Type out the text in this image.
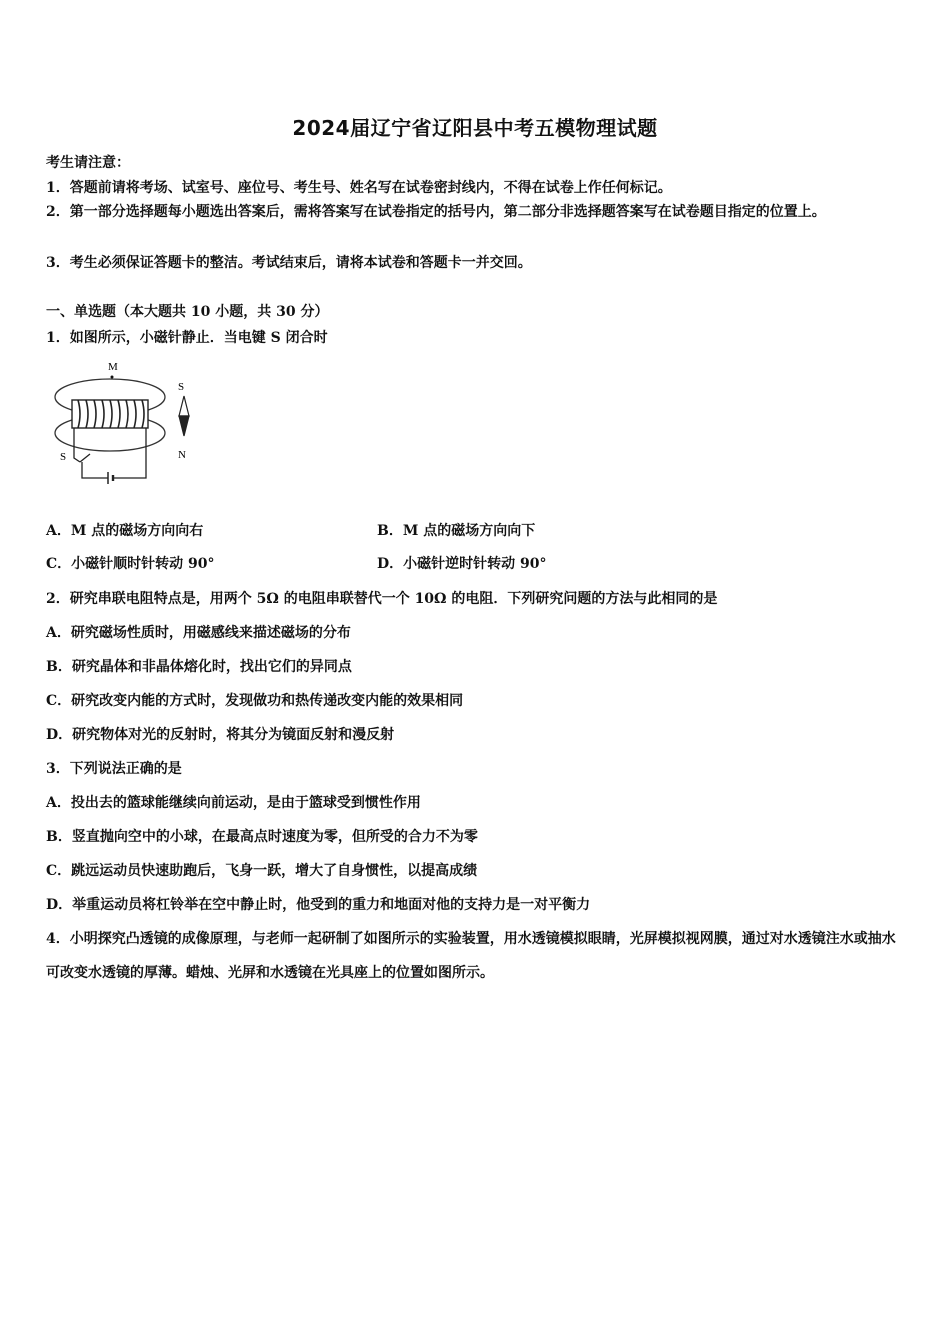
2024届辽宁省辽阳县中考五模物理试题
考生请注意：
1．答题前请将考场、试室号、座位号、考生号、姓名写在试卷密封线内，不得在试卷上作任何标记。
2．第一部分选择题每小题选出答案后，需将答案写在试卷指定的括号内，第二部分非选择题答案写在试卷题目指定的位置上。
3．考生必须保证答题卡的整洁。考试结束后，请将本试卷和答题卡一并交回。
一、单选题（本大题共 10 小题，共 30 分）
1．如图所示，小磁针静止．当电键 S 闭合时
M
S
S
N
A．M 点的磁场方向向右	B．M 点的磁场方向向下
C．小磁针顺时针转动 90°	D．小磁针逆时针转动 90°
2．研究串联电阻特点是，用两个 5Ω 的电阻串联替代一个 10Ω 的电阻．下列研究问题的方法与此相同的是
A．研究磁场性质时，用磁感线来描述磁场的分布
B．研究晶体和非晶体熔化时，找出它们的异同点
C．研究改变内能的方式时，发现做功和热传递改变内能的效果相同
D．研究物体对光的反射时，将其分为镜面反射和漫反射
3．下列说法正确的是
A．投出去的篮球能继续向前运动，是由于篮球受到惯性作用
B．竖直抛向空中的小球，在最高点时速度为零，但所受的合力不为零
C．跳远运动员快速助跑后，飞身一跃，增大了自身惯性，以提高成绩
D．举重运动员将杠铃举在空中静止时，他受到的重力和地面对他的支持力是一对平衡力
4．小明探究凸透镜的成像原理，与老师一起研制了如图所示的实验装置，用水透镜模拟眼睛，光屏模拟视网膜，通过对水透镜注水或抽水可改变水透镜的厚薄。蜡烛、光屏和水透镜在光具座上的位置如图所示。
